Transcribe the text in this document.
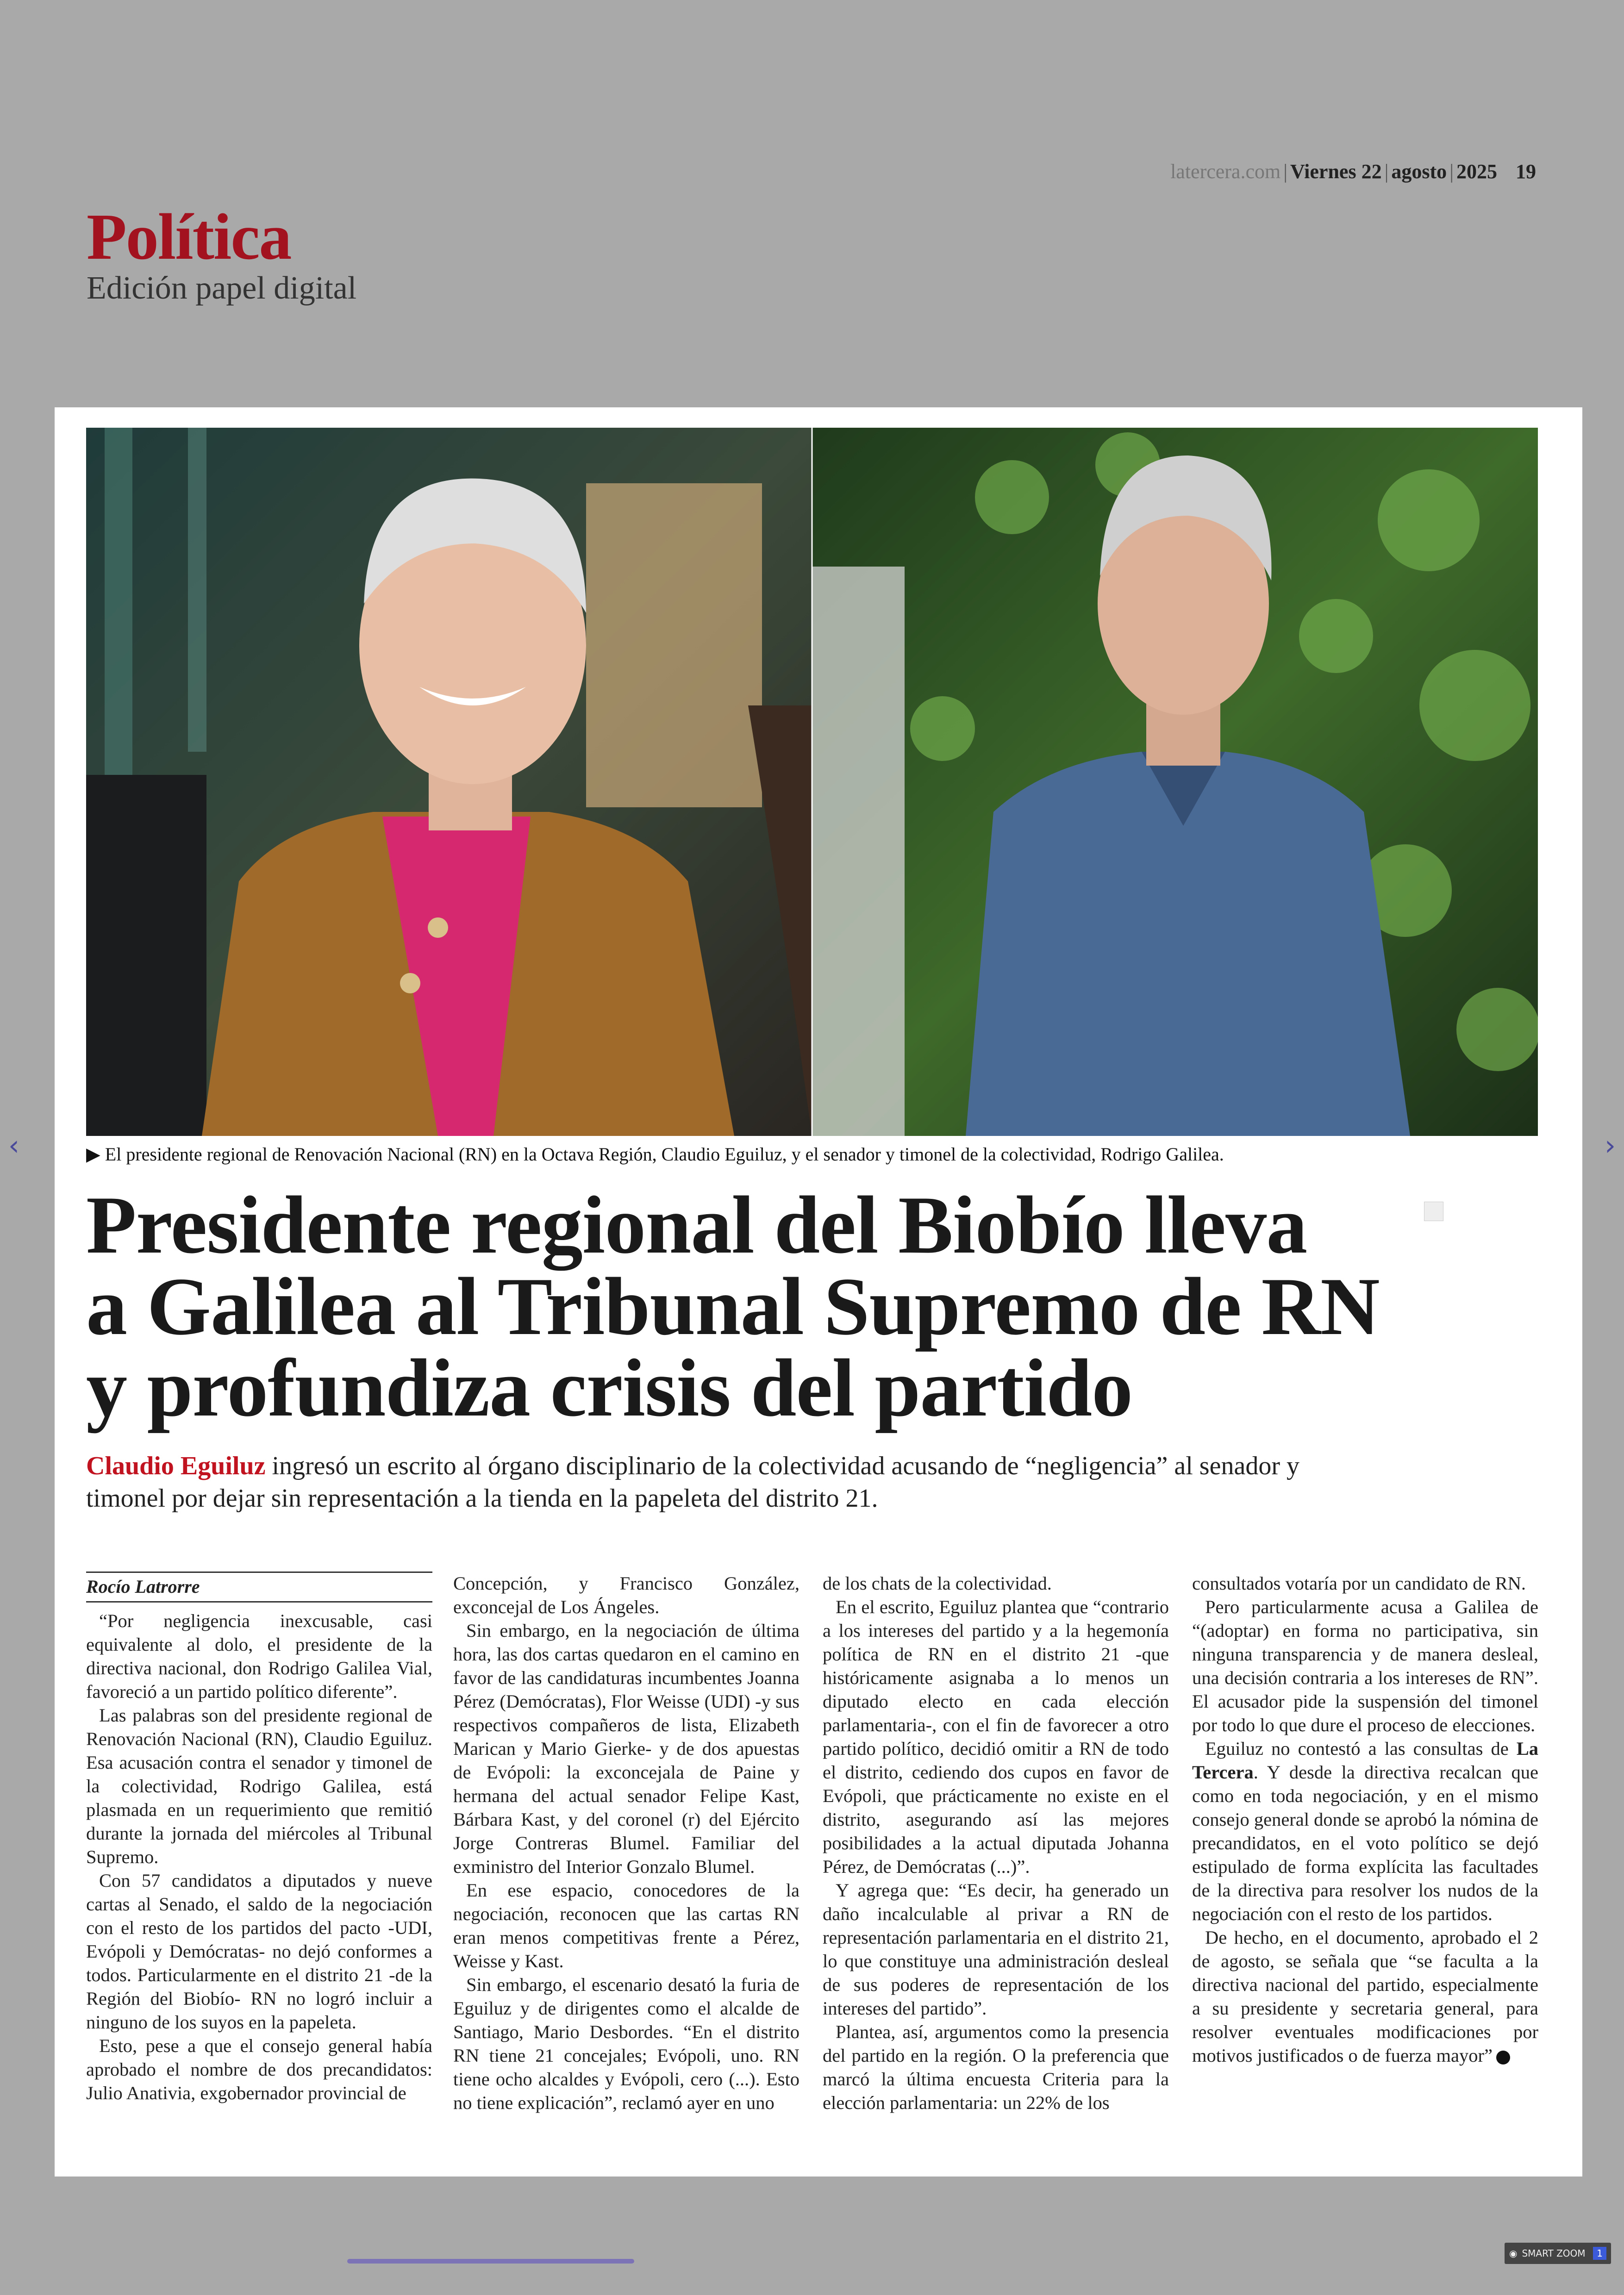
latercera.com | Viernes 22 | agosto | 2025 19
Política
Edición papel digital
▶ El presidente regional de Renovación Nacional (RN) en la Octava Región, Claudio Eguiluz, y el senador y timonel de la colectividad, Rodrigo Galilea.
Presidente regional del Biobío lleva
a Galilea al Tribunal Supremo de RN
y profundiza crisis del partido
Claudio Eguiluz ingresó un escrito al órgano disciplinario de la colectividad acusando de “negligencia” al senador y timonel por dejar sin representación a la tienda en la papeleta del distrito 21.
Rocío Latrorre

“Por negligencia inexcusable, casi equivalente al dolo, el presidente de la directiva nacional, don Rodrigo Galilea Vial, favoreció a un partido político diferente”.

Las palabras son del presidente regional de Renovación Nacional (RN), Claudio Eguiluz. Esa acusación contra el senador y timonel de la colectividad, Rodrigo Galilea, está plasmada en un requerimiento que remitió durante la jornada del miércoles al Tribunal Supremo.

Con 57 candidatos a diputados y nueve cartas al Senado, el saldo de la negociación con el resto de los partidos del pacto -UDI, Evópoli y Demócratas- no dejó conformes a todos. Particularmente en el distrito 21 -de la Región del Biobío- RN no logró incluir a ninguno de los suyos en la papeleta.

Esto, pese a que el consejo general había aprobado el nombre de dos precandidatos: Julio Anativia, exgobernador provincial de

Concepción, y Francisco González, exconcejal de Los Ángeles.

Sin embargo, en la negociación de última hora, las dos cartas quedaron en el camino en favor de las candidaturas incumbentes Joanna Pérez (Demócratas), Flor Weisse (UDI) -y sus respectivos compañeros de lista, Elizabeth Marican y Mario Gierke- y de dos apuestas de Evópoli: la exconcejala de Paine y hermana del actual senador Felipe Kast, Bárbara Kast, y del coronel (r) del Ejército Jorge Contreras Blumel. Familiar del exministro del Interior Gonzalo Blumel.

En ese espacio, conocedores de la negociación, reconocen que las cartas RN eran menos competitivas frente a Pérez, Weisse y Kast.

Sin embargo, el escenario desató la furia de Eguiluz y de dirigentes como el alcalde de Santiago, Mario Desbordes. “En el distrito RN tiene 21 concejales; Evópoli, uno. RN tiene ocho alcaldes y Evópoli, cero (...). Esto no tiene explicación”, reclamó ayer en uno

de los chats de la colectividad.

En el escrito, Eguiluz plantea que “contrario a los intereses del partido y a la hegemonía política de RN en el distrito 21 -que históricamente asignaba a lo menos un diputado electo en cada elección parlamentaria-, con el fin de favorecer a otro partido político, decidió omitir a RN de todo el distrito, cediendo dos cupos en favor de Evópoli, que prácticamente no existe en el distrito, asegurando así las mejores posibilidades a la actual diputada Johanna Pérez, de Demócratas (...)”.

Y agrega que: “Es decir, ha generado un daño incalculable al privar a RN de representación parlamentaria en el distrito 21, lo que constituye una administración desleal de sus poderes de representación de los intereses del partido”.

Plantea, así, argumentos como la presencia del partido en la región. O la preferencia que marcó la última encuesta Criteria para la elección parlamentaria: un 22% de los

consultados votaría por un candidato de RN.

Pero particularmente acusa a Galilea de “(adoptar) en forma no participativa, sin ninguna transparencia y de manera desleal, una decisión contraria a los intereses de RN”. El acusador pide la suspensión del timonel por todo lo que dure el proceso de elecciones.

Eguiluz no contestó a las consultas de La Tercera. Y desde la directiva recalcan que como en toda negociación, y en el mismo consejo general donde se aprobó la nómina de precandidatos, en el voto político se dejó estipulado de forma explícita las facultades de la directiva para resolver los nudos de la negociación con el resto de los partidos.

De hecho, en el documento, aprobado el 2 de agosto, se señala que “se faculta a la directiva nacional del partido, especialmente a su presidente y secretaria general, para resolver eventuales modificaciones por motivos justificados o de fuerza mayor”

‹	›
◉ SMART ZOOM	1
